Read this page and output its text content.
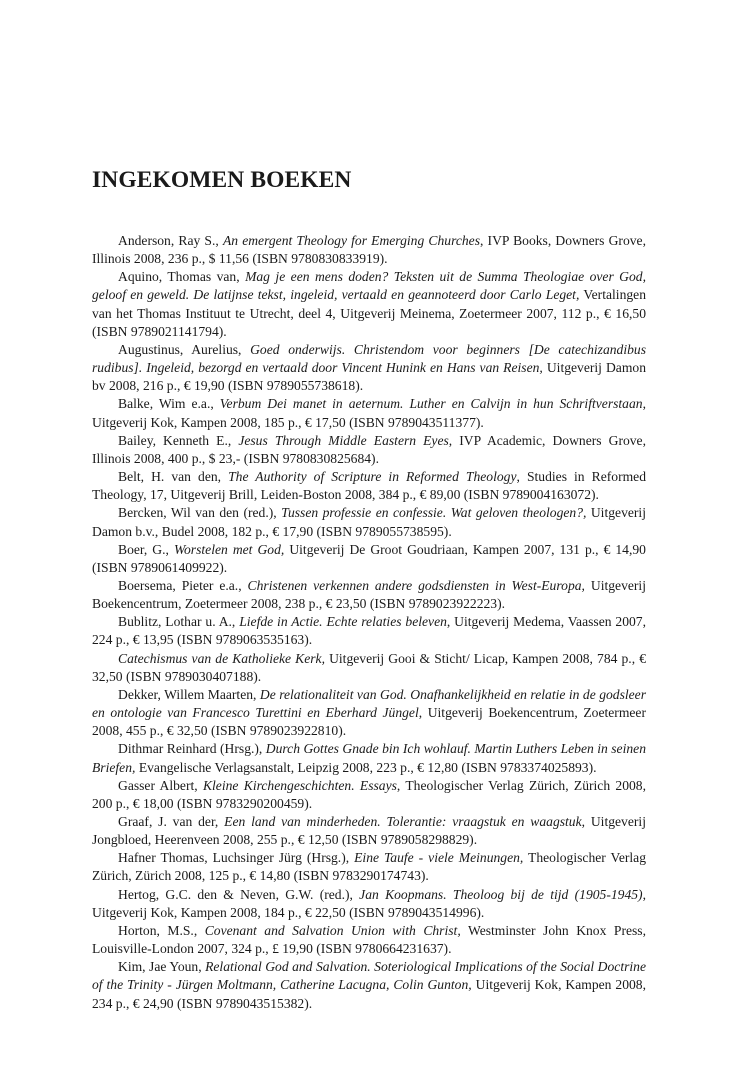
INGEKOMEN BOEKEN

Anderson, Ray S., An emergent Theology for Emerging Churches, IVP Books, Downers Grove, Illinois 2008, 236 p., $ 11,56 (ISBN 9780830833919).

Aquino, Thomas van, Mag je een mens doden? Teksten uit de Summa Theologiae over God, geloof en geweld. De latijnse tekst, ingeleid, vertaald en geannoteerd door Carlo Leget, Vertalingen van het Thomas Instituut te Utrecht, deel 4, Uitgeverij Meinema, Zoetermeer 2007, 112 p., € 16,50 (ISBN 9789021141794).

Augustinus, Aurelius, Goed onderwijs. Christendom voor beginners [De catechizandibus rudibus]. Ingeleid, bezorgd en vertaald door Vincent Hunink en Hans van Reisen, Uitgeverij Damon bv 2008, 216 p., € 19,90 (ISBN 9789055738618).

Balke, Wim e.a., Verbum Dei manet in aeternum. Luther en Calvijn in hun Schriftverstaan, Uitgeverij Kok, Kampen 2008, 185 p., € 17,50 (ISBN 9789043511377).

Bailey, Kenneth E., Jesus Through Middle Eastern Eyes, IVP Academic, Downers Grove, Illinois 2008, 400 p., $ 23,- (ISBN 9780830825684).

Belt, H. van den, The Authority of Scripture in Reformed Theology, Studies in Reformed Theology, 17, Uitgeverij Brill, Leiden-Boston 2008, 384 p., € 89,00 (ISBN 9789004163072).

Bercken, Wil van den (red.), Tussen professie en confessie. Wat geloven theologen?, Uitgeverij Damon b.v., Budel 2008, 182 p., € 17,90 (ISBN 9789055738595).

Boer, G., Worstelen met God, Uitgeverij De Groot Goudriaan, Kampen 2007, 131 p., € 14,90 (ISBN 9789061409922).

Boersema, Pieter e.a., Christenen verkennen andere godsdiensten in West-Europa, Uitgeverij Boekencentrum, Zoetermeer 2008, 238 p., € 23,50 (ISBN 9789023922223).

Bublitz, Lothar u. A., Liefde in Actie. Echte relaties beleven, Uitgeverij Medema, Vaassen 2007, 224 p., € 13,95 (ISBN 9789063535163).

Catechismus van de Katholieke Kerk, Uitgeverij Gooi & Sticht/ Licap, Kampen 2008, 784 p., € 32,50 (ISBN 9789030407188).

Dekker, Willem Maarten, De relationaliteit van God. Onafhankelijkheid en relatie in de godsleer en ontologie van Francesco Turettini en Eberhard Jüngel, Uitgeverij Boekencentrum, Zoetermeer 2008, 455 p., € 32,50 (ISBN 9789023922810).

Dithmar Reinhard (Hrsg.), Durch Gottes Gnade bin Ich wohlauf. Martin Luthers Leben in seinen Briefen, Evangelische Verlagsanstalt, Leipzig 2008, 223 p., € 12,80 (ISBN 9783374025893).

Gasser Albert, Kleine Kirchengeschichten. Essays, Theologischer Verlag Zürich, Zürich 2008, 200 p., € 18,00 (ISBN 9783290200459).

Graaf, J. van der, Een land van minderheden. Tolerantie: vraagstuk en waagstuk, Uitgeverij Jongbloed, Heerenveen 2008, 255 p., € 12,50 (ISBN 9789058298829).

Hafner Thomas, Luchsinger Jürg (Hrsg.), Eine Taufe - viele Meinungen, Theologischer Verlag Zürich, Zürich 2008, 125 p., € 14,80 (ISBN 9783290174743).

Hertog, G.C. den & Neven, G.W. (red.), Jan Koopmans. Theoloog bij de tijd (1905-1945), Uitgeverij Kok, Kampen 2008, 184 p., € 22,50 (ISBN 9789043514996).

Horton, M.S., Covenant and Salvation Union with Christ, Westminster John Knox Press, Louisville-London 2007, 324 p., £ 19,90 (ISBN 9780664231637).

Kim, Jae Youn, Relational God and Salvation. Soteriological Implications of the Social Doctrine of the Trinity - Jürgen Moltmann, Catherine Lacugna, Colin Gunton, Uitgeverij Kok, Kampen 2008, 234 p., € 24,90 (ISBN 9789043515382).
